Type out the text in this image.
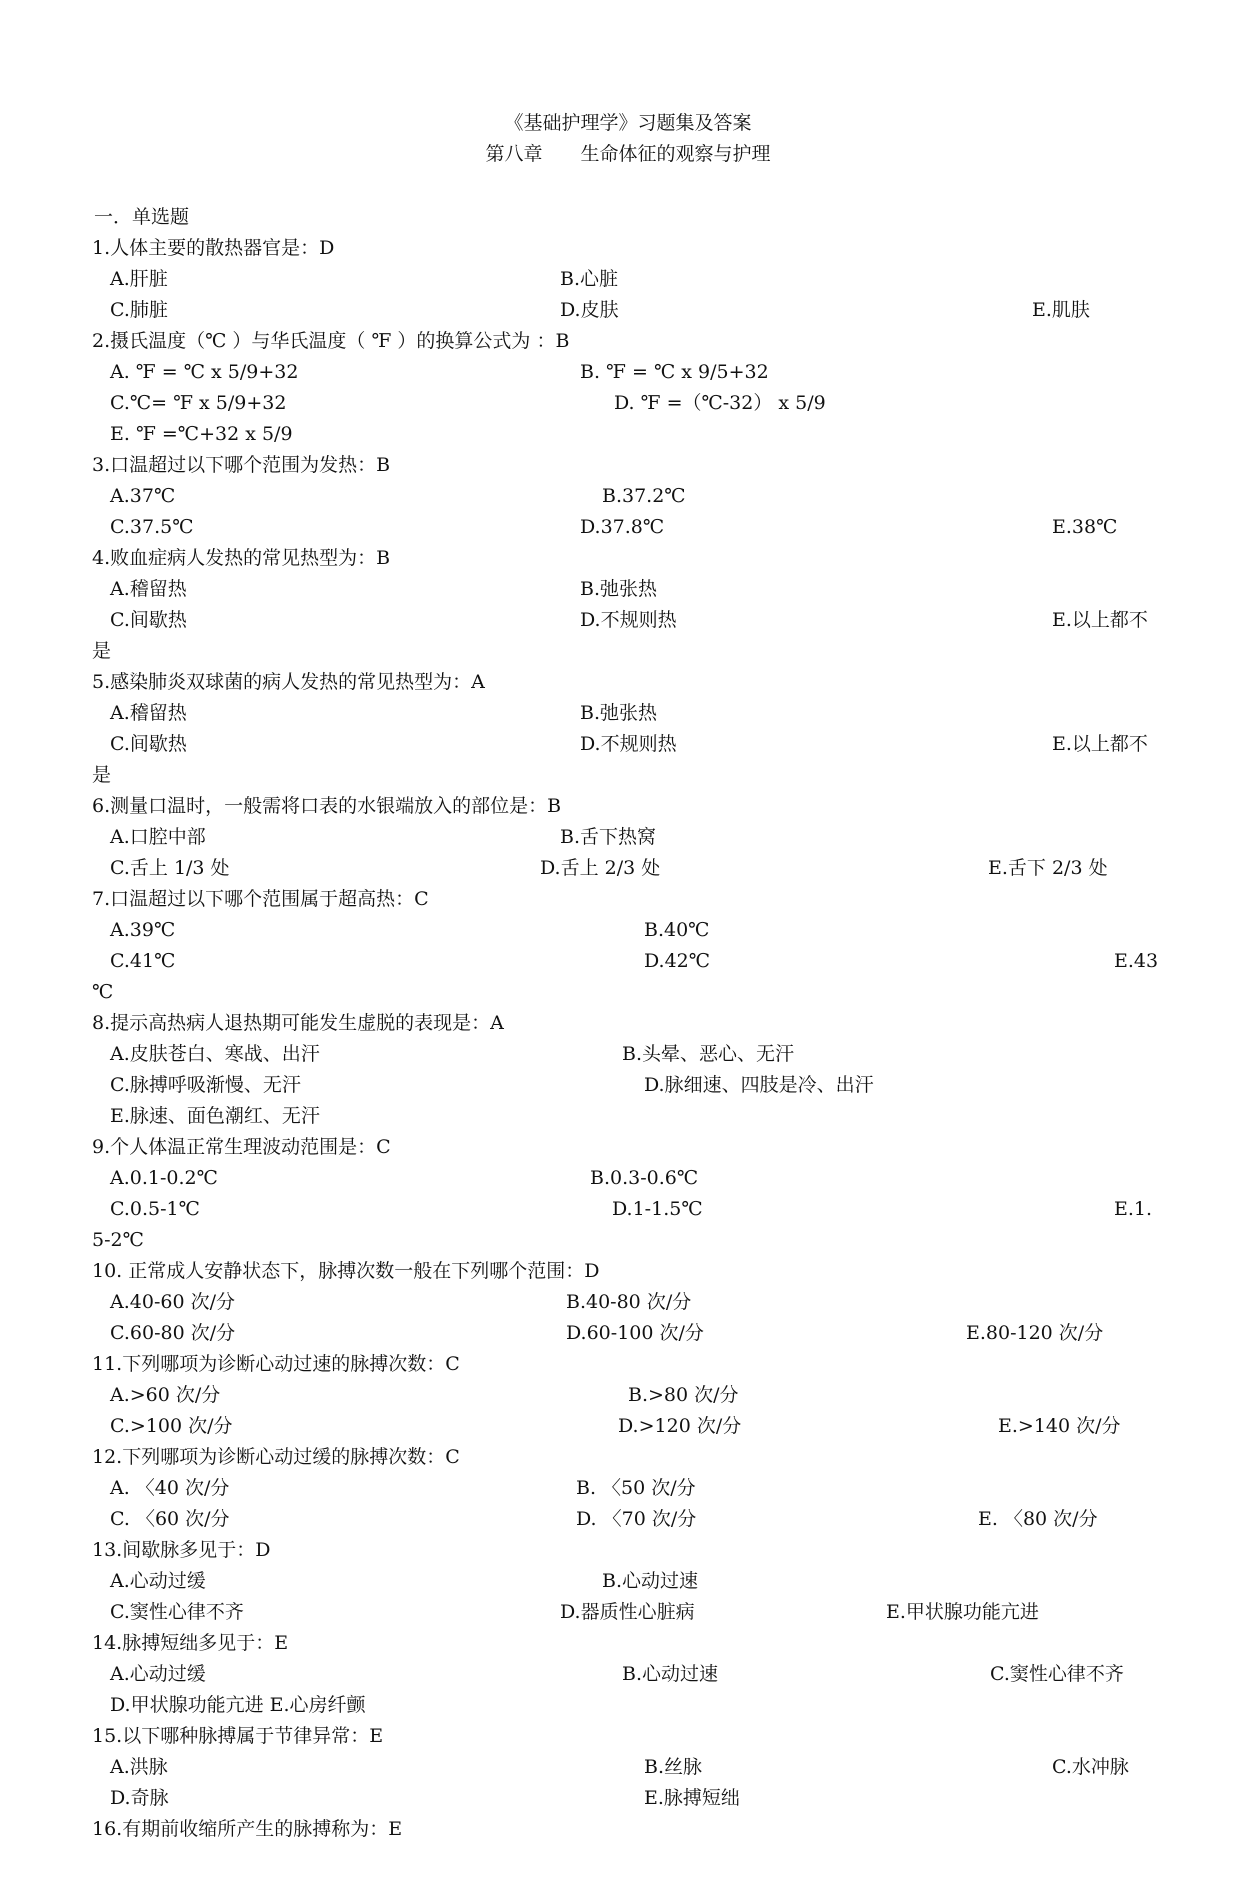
《基础护理学》习题集及答案
第八章　　生命体征的观察与护理
一．单选题
1.人体主要的散热器官是：D
A.肝脏	B.心脏
C.肺脏	D.皮肤	E.肌肤
2.摄氏温度（℃ ）与华氏温度（ ℉ ）的换算公式为 ：B
A. ℉ = ℃ x 5/9+32	B. ℉ = ℃ x 9/5+32
C.℃= ℉ x 5/9+32	D. ℉ =（℃-32） x 5/9
E. ℉ =℃+32 x 5/9
3.口温超过以下哪个范围为发热：B
A.37℃	B.37.2℃
C.37.5℃	D.37.8℃	E.38℃
4.败血症病人发热的常见热型为：B
A.稽留热	B.弛张热
C.间歇热	D.不规则热	E.以上都不
是
5.感染肺炎双球菌的病人发热的常见热型为：A
A.稽留热	B.弛张热
C.间歇热	D.不规则热	E.以上都不
是
6.测量口温时，一般需将口表的水银端放入的部位是：B
A.口腔中部	B.舌下热窝
C.舌上 1/3 处	D.舌上 2/3 处	E.舌下 2/3 处
7.口温超过以下哪个范围属于超高热：C
A.39℃	B.40℃
C.41℃	D.42℃	E.43
℃
8.提示高热病人退热期可能发生虚脱的表现是：A
A.皮肤苍白、寒战、出汗	B.头晕、恶心、无汗
C.脉搏呼吸渐慢、无汗	D.脉细速、四肢是冷、出汗
E.脉速、面色潮红、无汗
9.个人体温正常生理波动范围是：C
A.0.1-0.2℃	B.0.3-0.6℃
C.0.5-1℃	D.1-1.5℃	E.1.
5-2℃
10. 正常成人安静状态下，脉搏次数一般在下列哪个范围：D
A.40-60 次/分	B.40-80 次/分
C.60-80 次/分	D.60-100 次/分	E.80-120 次/分
11.下列哪项为诊断心动过速的脉搏次数：C
A.>60 次/分	B.>80 次/分
C.>100 次/分	D.>120 次/分	E.>140 次/分
12.下列哪项为诊断心动过缓的脉搏次数：C
A. 〈40 次/分	B. 〈50 次/分
C. 〈60 次/分	D. 〈70 次/分	E. 〈80 次/分
13.间歇脉多见于：D
A.心动过缓	B.心动过速
C.窦性心律不齐	D.器质性心脏病	E.甲状腺功能亢进
14.脉搏短绌多见于：E
A.心动过缓	B.心动过速	C.窦性心律不齐
D.甲状腺功能亢进 E.心房纤颤
15.以下哪种脉搏属于节律异常：E
A.洪脉	B.丝脉	C.水冲脉
D.奇脉	E.脉搏短绌
16.有期前收缩所产生的脉搏称为：E
